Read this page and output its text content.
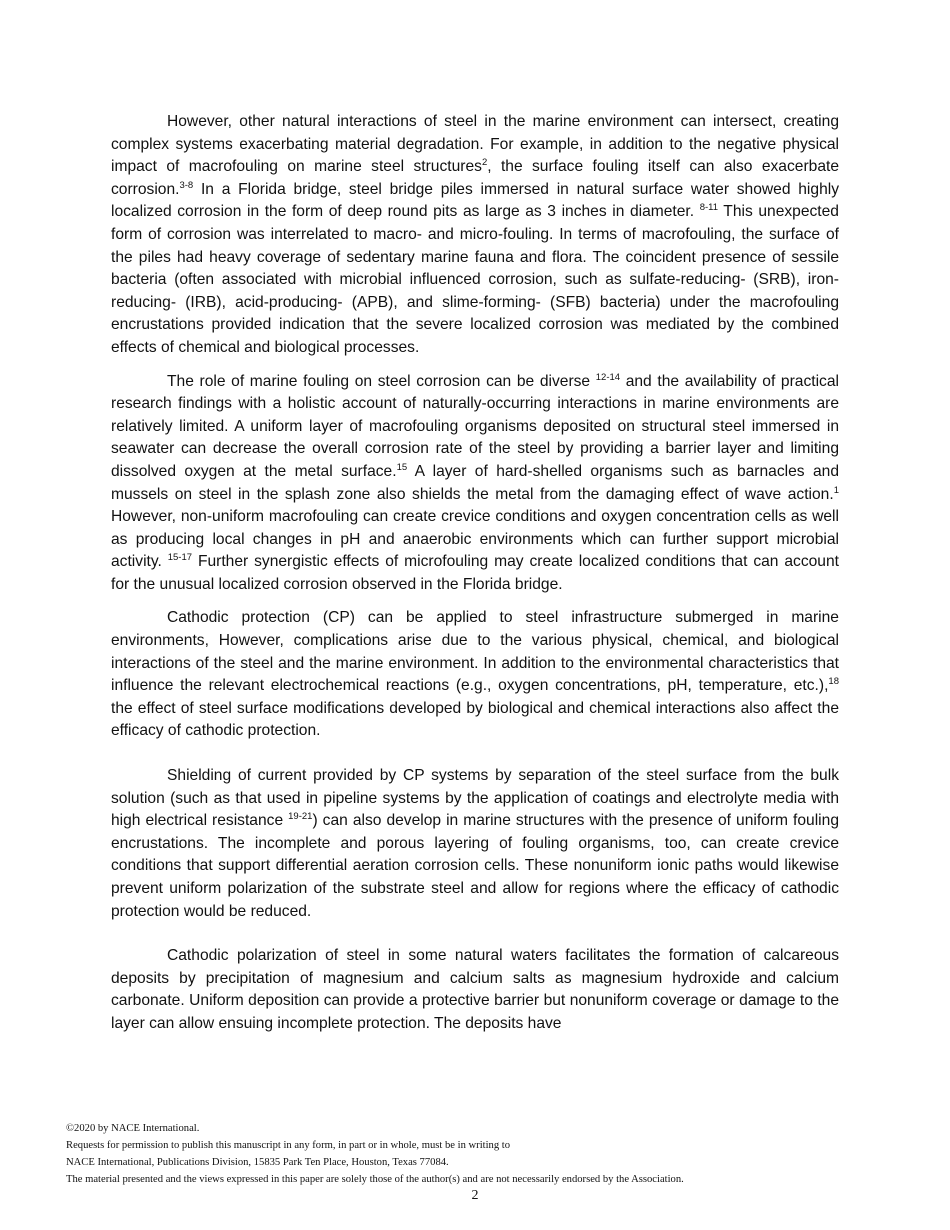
However, other natural interactions of steel in the marine environment can intersect, creating complex systems exacerbating material degradation. For example, in addition to the negative physical impact of macrofouling on marine steel structures$^2$, the surface fouling itself can also exacerbate corrosion.$^{3-8}$ In a Florida bridge, steel bridge piles immersed in natural surface water showed highly localized corrosion in the form of deep round pits as large as 3 inches in diameter. $^{8-11}$ This unexpected form of corrosion was interrelated to macro- and micro-fouling. In terms of macrofouling, the surface of the piles had heavy coverage of sedentary marine fauna and flora. The coincident presence of sessile bacteria (often associated with microbial influenced corrosion, such as sulfate-reducing- (SRB), iron-reducing- (IRB), acid-producing- (APB), and slime-forming- (SFB) bacteria) under the macrofouling encrustations provided indication that the severe localized corrosion was mediated by the combined effects of chemical and biological processes.

The role of marine fouling on steel corrosion can be diverse $^{12-14}$ and the availability of practical research findings with a holistic account of naturally-occurring interactions in marine environments are relatively limited. A uniform layer of macrofouling organisms deposited on structural steel immersed in seawater can decrease the overall corrosion rate of the steel by providing a barrier layer and limiting dissolved oxygen at the metal surface.$^{15}$ A layer of hard-shelled organisms such as barnacles and mussels on steel in the splash zone also shields the metal from the damaging effect of wave action.$^1$ However, non-uniform macrofouling can create crevice conditions and oxygen concentration cells as well as producing local changes in pH and anaerobic environments which can further support microbial activity. $^{15-17}$ Further synergistic effects of microfouling may create localized conditions that can account for the unusual localized corrosion observed in the Florida bridge.

Cathodic protection (CP) can be applied to steel infrastructure submerged in marine environments, However, complications arise due to the various physical, chemical, and biological interactions of the steel and the marine environment. In addition to the environmental characteristics that influence the relevant electrochemical reactions (e.g., oxygen concentrations, pH, temperature, etc.),$^{18}$ the effect of steel surface modifications developed by biological and chemical interactions also affect the efficacy of cathodic protection.

Shielding of current provided by CP systems by separation of the steel surface from the bulk solution (such as that used in pipeline systems by the application of coatings and electrolyte media with high electrical resistance $^{19-21}$) can also develop in marine structures with the presence of uniform fouling encrustations. The incomplete and porous layering of fouling organisms, too, can create crevice conditions that support differential aeration corrosion cells. These nonuniform ionic paths would likewise prevent uniform polarization of the substrate steel and allow for regions where the efficacy of cathodic protection would be reduced.

Cathodic polarization of steel in some natural waters facilitates the formation of calcareous deposits by precipitation of magnesium and calcium salts as magnesium hydroxide and calcium carbonate. Uniform deposition can provide a protective barrier but nonuniform coverage or damage to the layer can allow ensuing incomplete protection. The deposits have

©2020 by NACE International.
Requests for permission to publish this manuscript in any form, in part or in whole, must be in writing to
NACE International, Publications Division, 15835 Park Ten Place, Houston, Texas 77084.
The material presented and the views expressed in this paper are solely those of the author(s) and are not necessarily endorsed by the Association.
2
